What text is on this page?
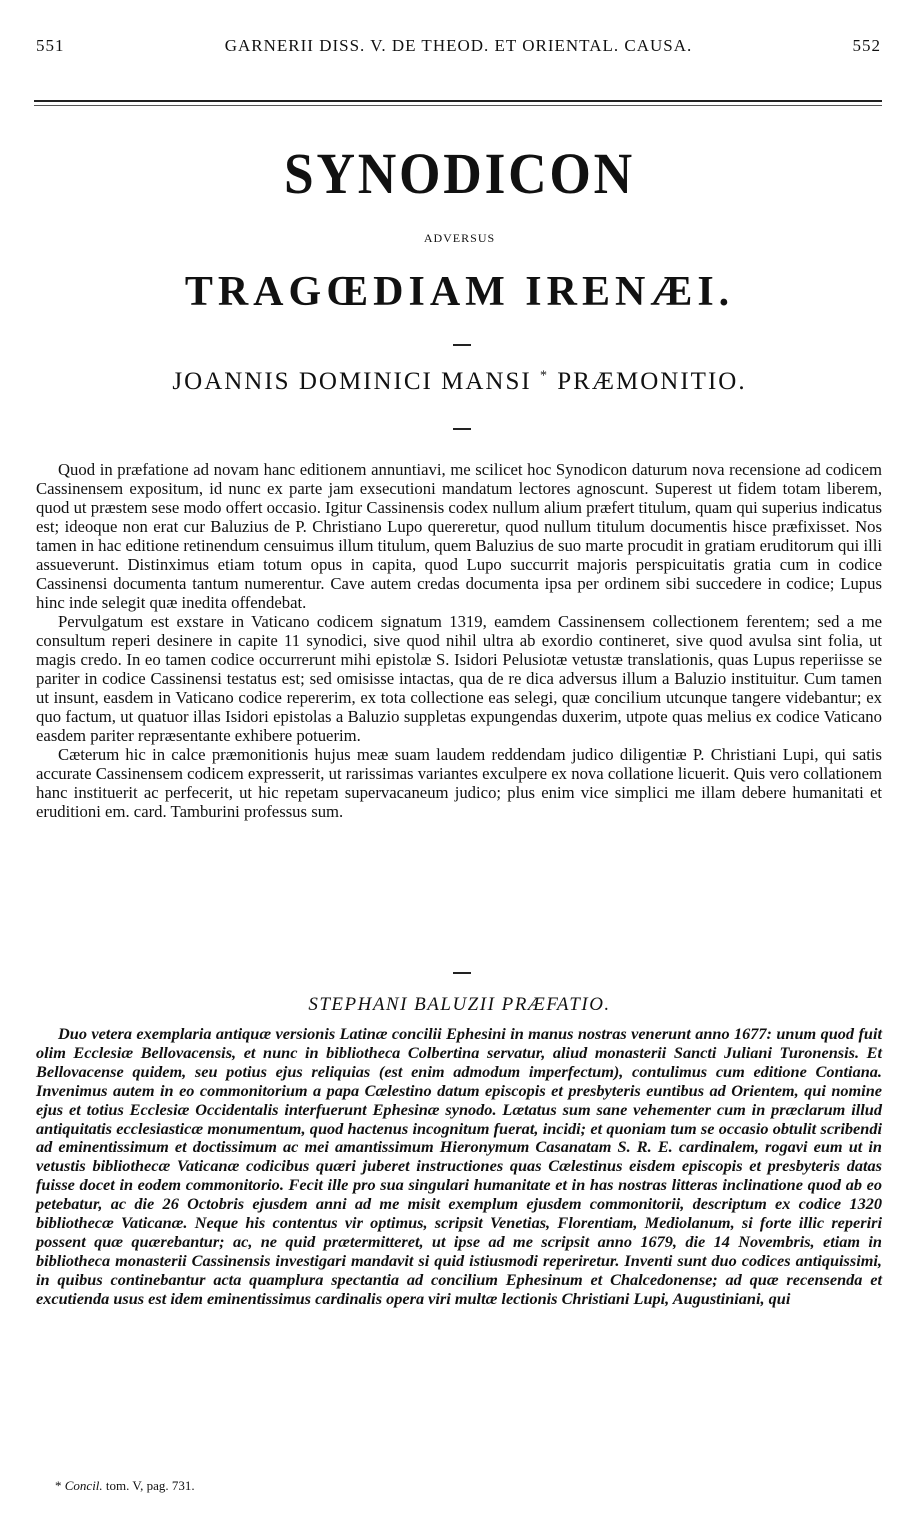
551	GARNERII DISS. V. DE THEOD. ET ORIENTAL. CAUSA.	552
SYNODICON
ADVERSUS
TRAGŒDIAM IRENÆI.
JOANNIS DOMINICI MANSI * PRÆMONITIO.

Quod in præfatione ad novam hanc editionem annuntiavi, me scilicet hoc Synodicon daturum nova recensione ad codicem Cassinensem expositum, id nunc ex parte jam exsecutioni mandatum lectores agnoscunt. Superest ut fidem totam liberem, quod ut præstem sese modo offert occasio. Igitur Cassinensis codex nullum alium præfert titulum, quam qui superius indicatus est; ideoque non erat cur Baluzius de P. Christiano Lupo quereretur, quod nullum titulum documentis hisce præfixisset. Nos tamen in hac editione retinendum censuimus illum titulum, quem Baluzius de suo marte procudit in gratiam eruditorum qui illi assueverunt. Distinximus etiam totum opus in capita, quod Lupo succurrit majoris perspicuitatis gratia cum in codice Cassinensi documenta tantum numerentur. Cave autem credas documenta ipsa per ordinem sibi succedere in codice; Lupus hinc inde selegit quæ inedita offendebat.

Pervulgatum est exstare in Vaticano codicem signatum 1319, eamdem Cassinensem collectionem ferentem; sed a me consultum reperi desinere in capite 11 synodici, sive quod nihil ultra ab exordio contineret, sive quod avulsa sint folia, ut magis credo. In eo tamen codice occurrerunt mihi epistolæ S. Isidori Pelusiotæ vetustæ translationis, quas Lupus reperiisse se pariter in codice Cassinensi testatus est; sed omisisse intactas, qua de re dica adversus illum a Baluzio instituitur. Cum tamen ut insunt, easdem in Vaticano codice repererim, ex tota collectione eas selegi, quæ concilium utcunque tangere videbantur; ex quo factum, ut quatuor illas Isidori epistolas a Baluzio suppletas expungendas duxerim, utpote quas melius ex codice Vaticano easdem pariter repræsentante exhibere potuerim.

Cæterum hic in calce præmonitionis hujus meæ suam laudem reddendam judico diligentiæ P. Christiani Lupi, qui satis accurate Cassinensem codicem expresserit, ut rarissimas variantes exculpere ex nova collatione licuerit. Quis vero collationem hanc instituerit ac perfecerit, ut hic repetam supervacaneum judico; plus enim vice simplici me illam debere humanitati et eruditioni em. card. Tamburini professus sum.

STEPHANI BALUZII PRÆFATIO.

Duo vetera exemplaria antiquæ versionis Latinæ concilii Ephesini in manus nostras venerunt anno 1677: unum quod fuit olim Ecclesiæ Bellovacensis, et nunc in bibliotheca Colbertina servatur, aliud monasterii Sancti Juliani Turonensis. Et Bellovacense quidem, seu potius ejus reliquias (est enim admodum imperfectum), contulimus cum editione Contiana. Invenimus autem in eo commonitorium a papa Cælestino datum episcopis et presbyteris euntibus ad Orientem, qui nomine ejus et totius Ecclesiæ Occidentalis interfuerunt Ephesinæ synodo. Lætatus sum sane vehementer cum in præclarum illud antiquitatis ecclesiasticæ monumentum, quod hactenus incognitum fuerat, incidi; et quoniam tum se occasio obtulit scribendi ad eminentissimum et doctissimum ac mei amantissimum Hieronymum Casanatam S. R. E. cardinalem, rogavi eum ut in vetustis bibliothecæ Vaticanæ codicibus quæri juberet instructiones quas Cælestinus eisdem episcopis et presbyteris datas fuisse docet in eodem commonitorio. Fecit ille pro sua singulari humanitate et in has nostras litteras inclinatione quod ab eo petebatur, ac die 26 Octobris ejusdem anni ad me misit exemplum ejusdem commonitorii, descriptum ex codice 1320 bibliothecæ Vaticanæ. Neque his contentus vir optimus, scripsit Venetias, Florentiam, Mediolanum, si forte illic reperiri possent quæ quærebantur; ac, ne quid prætermitteret, ut ipse ad me scripsit anno 1679, die 14 Novembris, etiam in bibliotheca monasterii Cassinensis investigari mandavit si quid istiusmodi reperiretur. Inventi sunt duo codices antiquissimi, in quibus continebantur acta quamplura spectantia ad concilium Ephesinum et Chalcedonense; ad quæ recensenda et excutienda usus est idem eminentissimus cardinalis opera viri multæ lectionis Christiani Lupi, Augustiniani, qui

* Concil. tom. V, pag. 731.
